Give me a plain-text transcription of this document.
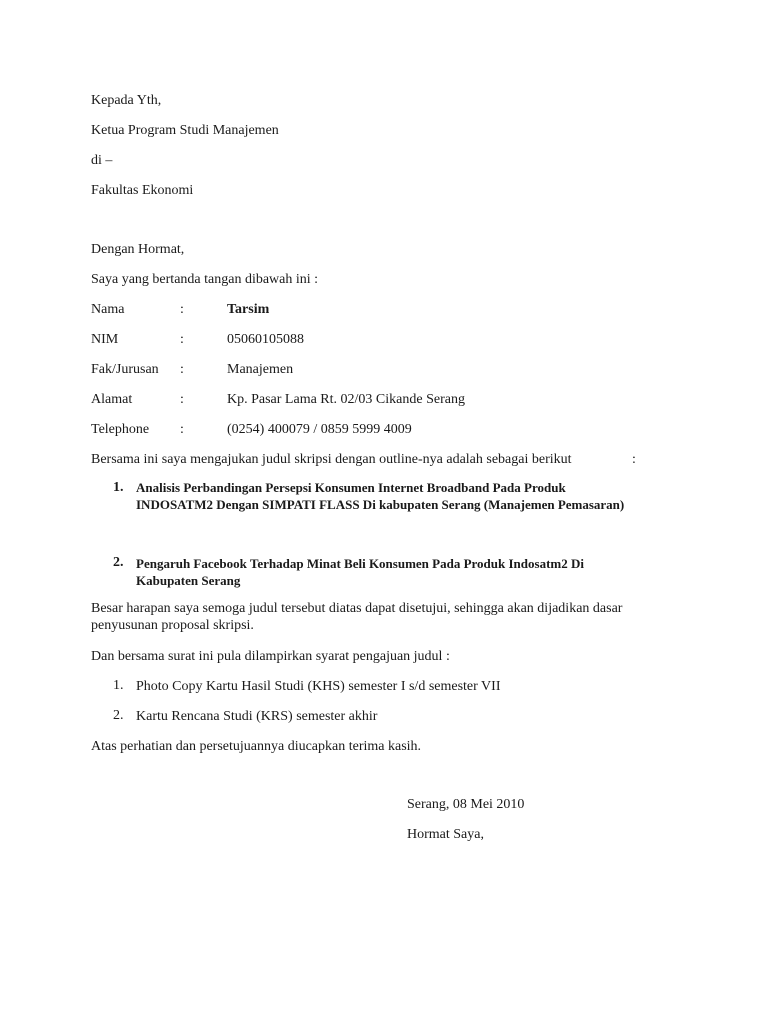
Kepada Yth,
Ketua Program Studi Manajemen
di –
Fakultas Ekonomi
Dengan Hormat,
Saya yang bertanda tangan dibawah ini :
Nama	:	Tarsim
NIM	:	05060105088
Fak/Jurusan :	Manajemen
Alamat	:	Kp. Pasar Lama Rt. 02/03 Cikande Serang
Telephone :	(0254) 400079 / 0859 5999 4009
Bersama ini saya mengajukan judul skripsi dengan outline-nya adalah sebagai berikut	:
1. Analisis Perbandingan Persepsi Konsumen Internet Broadband Pada Produk
INDOSATM2 Dengan SIMPATI FLASS Di kabupaten Serang (Manajemen Pemasaran)
2. Pengaruh Facebook Terhadap Minat Beli Konsumen Pada Produk Indosatm2 Di
Kabupaten Serang
Besar harapan saya semoga judul tersebut diatas dapat disetujui, sehingga akan dijadikan dasar
penyusunan proposal skripsi.
Dan bersama surat ini pula dilampirkan syarat pengajuan judul :
1. Photo Copy Kartu Hasil Studi (KHS) semester I s/d semester VII
2. Kartu Rencana Studi (KRS) semester akhir
Atas perhatian dan persetujuannya diucapkan terima kasih.
Serang, 08 Mei 2010
Hormat Saya,
